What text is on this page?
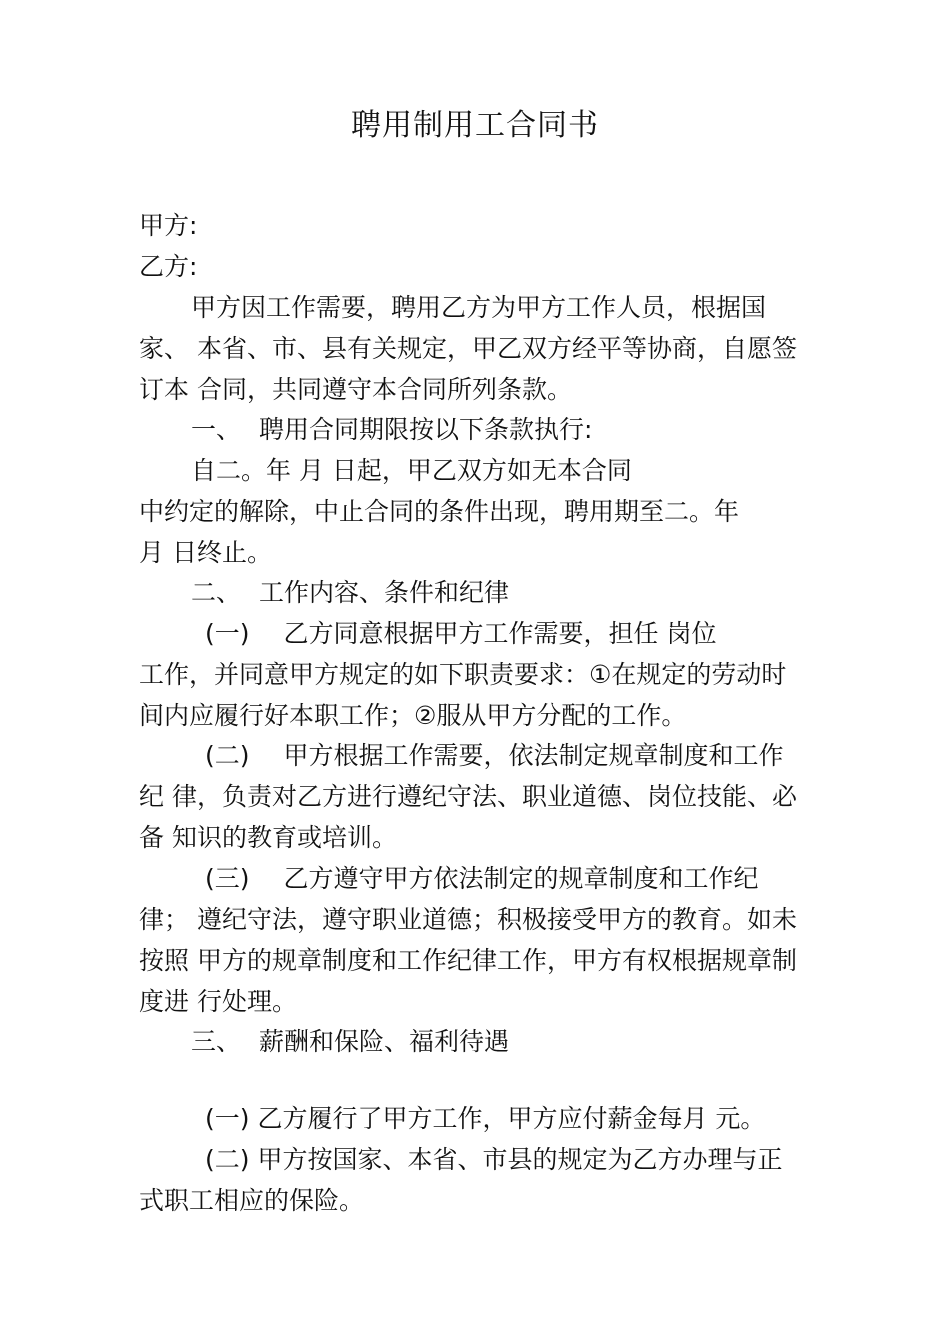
聘用制用工合同书

甲方:

乙方:

甲方因工作需要，聘用乙方为甲方工作人员，根据国

家、 本省、市、县有关规定，甲乙双方经平等协商，自愿签

订本 合同，共同遵守本合同所列条款。

一、 聘用合同期限按以下条款执行:

自二。年 月 日起，甲乙双方如无本合同

中约定的解除，中止合同的条件出现，聘用期至二。年

月 日终止。

二、 工作内容、条件和纪律

(一) 乙方同意根据甲方工作需要，担任 岗位

工作，并同意甲方规定的如下职责要求：①在规定的劳动时

间内应履行好本职工作；②服从甲方分配的工作。

(二) 甲方根据工作需要，依法制定规章制度和工作

纪 律，负责对乙方进行遵纪守法、职业道德、岗位技能、必

备 知识的教育或培训。

(三) 乙方遵守甲方依法制定的规章制度和工作纪

律； 遵纪守法，遵守职业道德；积极接受甲方的教育。如未

按照 甲方的规章制度和工作纪律工作，甲方有权根据规章制

度进 行处理。

三、 薪酬和保险、福利待遇

(一) 乙方履行了甲方工作，甲方应付薪金每月 元。

(二) 甲方按国家、本省、市县的规定为乙方办理与正

式职工相应的保险。
